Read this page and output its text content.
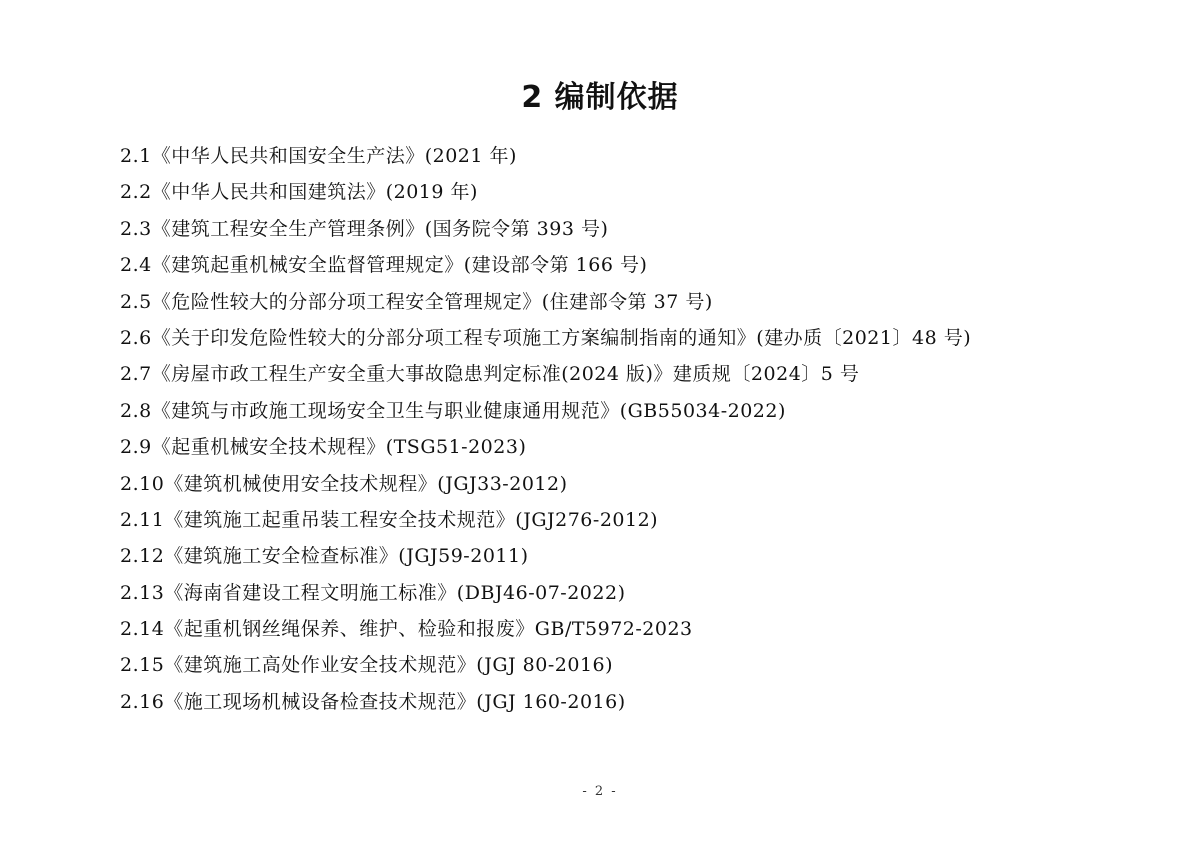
2 编制依据
2.1《中华人民共和国安全生产法》(2021 年)
2.2《中华人民共和国建筑法》(2019 年)
2.3《建筑工程安全生产管理条例》(国务院令第 393 号)
2.4《建筑起重机械安全监督管理规定》(建设部令第 166 号)
2.5《危险性较大的分部分项工程安全管理规定》(住建部令第 37 号)
2.6《关于印发危险性较大的分部分项工程专项施工方案编制指南的通知》(建办质〔2021〕48 号)
2.7《房屋市政工程生产安全重大事故隐患判定标准(2024 版)》建质规〔2024〕5 号
2.8《建筑与市政施工现场安全卫生与职业健康通用规范》(GB55034-2022)
2.9《起重机械安全技术规程》(TSG51-2023)
2.10《建筑机械使用安全技术规程》(JGJ33-2012)
2.11《建筑施工起重吊装工程安全技术规范》(JGJ276-2012)
2.12《建筑施工安全检查标准》(JGJ59-2011)
2.13《海南省建设工程文明施工标准》(DBJ46-07-2022)
2.14《起重机钢丝绳保养、维护、检验和报废》GB/T5972-2023
2.15《建筑施工高处作业安全技术规范》(JGJ 80-2016)
2.16《施工现场机械设备检查技术规范》(JGJ 160-2016)
- 2 -
